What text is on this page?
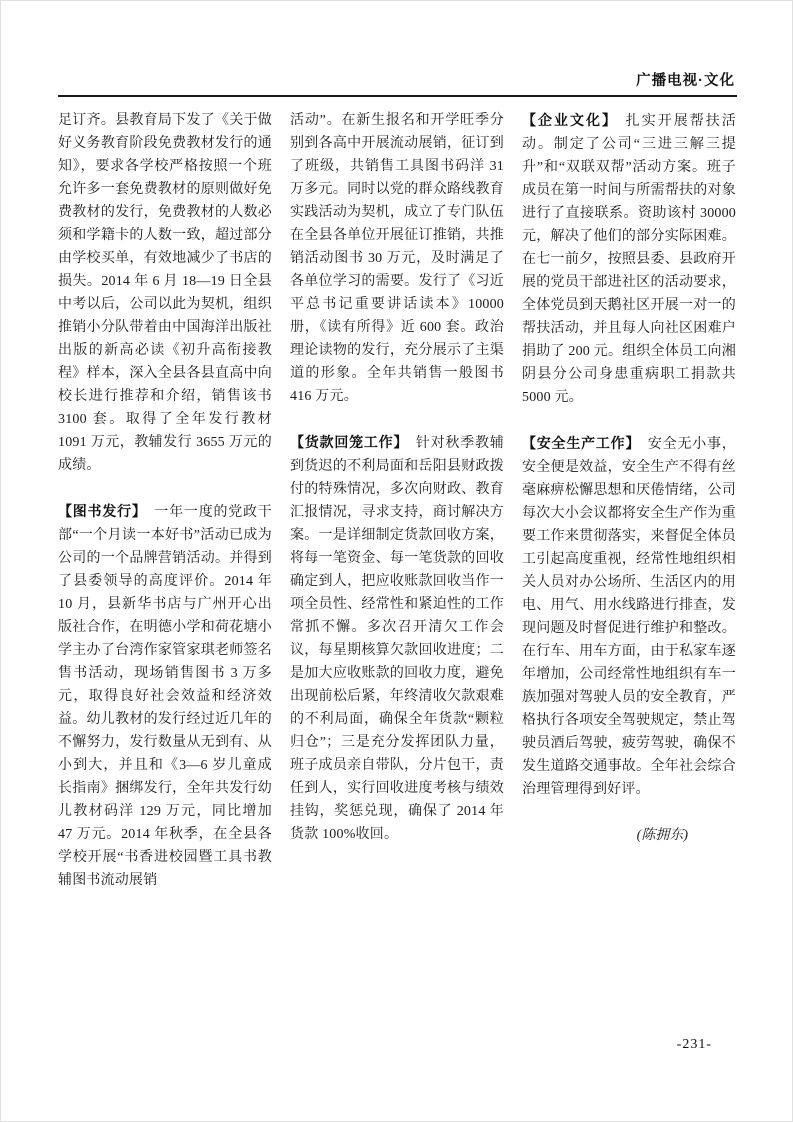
广播电视·文化

足订齐。县教育局下发了《关于做好义务教育阶段免费教材发行的通知》，要求各学校严格按照一个班允许多一套免费教材的原则做好免费教材的发行，免费教材的人数必须和学籍卡的人数一致，超过部分由学校买单，有效地减少了书店的损失。2014 年 6 月 18—19 日全县中考以后，公司以此为契机，组织推销小分队带着由中国海洋出版社出版的新高必读《初升高衔接教程》样本，深入全县各县直高中向校长进行推荐和介绍，销售该书 3100 套。取得了全年发行教材 1091 万元，教辅发行 3655 万元的成绩。

【图书发行】 一年一度的党政干部“一个月读一本好书”活动已成为公司的一个品牌营销活动。并得到了县委领导的高度评价。2014 年 10 月，县新华书店与广州开心出版社合作，在明德小学和荷花塘小学主办了台湾作家管家琪老师签名售书活动，现场销售图书 3 万多元，取得良好社会效益和经济效益。幼儿教材的发行经过近几年的不懈努力，发行数量从无到有、从小到大，并且和《3—6 岁儿童成长指南》捆绑发行，全年共发行幼儿教材码洋 129 万元，同比增加 47 万元。2014 年秋季，在全县各学校开展“书香进校园暨工具书教辅图书流动展销

活动”。在新生报名和开学旺季分别到各高中开展流动展销，征订到了班级，共销售工具图书码洋 31 万多元。同时以党的群众路线教育实践活动为契机，成立了专门队伍在全县各单位开展征订推销，共推销活动图书 30 万元，及时满足了各单位学习的需要。发行了《习近平总书记重要讲话读本》10000 册，《读有所得》近 600 套。政治理论读物的发行，充分展示了主渠道的形象。全年共销售一般图书 416 万元。

【货款回笼工作】 针对秋季教辅到货迟的不利局面和岳阳县财政拨付的特殊情况，多次向财政、教育汇报情况，寻求支持，商讨解决方案。一是详细制定货款回收方案，将每一笔资金、每一笔货款的回收确定到人，把应收账款回收当作一项全员性、经常性和紧迫性的工作常抓不懈。多次召开清欠工作会议，每星期核算欠款回收进度；二是加大应收账款的回收力度，避免出现前松后紧，年终清收欠款艰难的不利局面，确保全年货款“颗粒归仓”；三是充分发挥团队力量，班子成员亲自带队，分片包干，责任到人，实行回收进度考核与绩效挂钩，奖惩兑现，确保了 2014 年货款 100%收回。

【企业文化】 扎实开展帮扶活动。制定了公司“三进三解三提升”和“双联双帮”活动方案。班子成员在第一时间与所需帮扶的对象进行了直接联系。资助该村 30000 元，解决了他们的部分实际困难。在七一前夕，按照县委、县政府开展的党员干部进社区的活动要求，全体党员到天鹅社区开展一对一的帮扶活动，并且每人向社区困难户捐助了 200 元。组织全体员工向湘阴县分公司身患重病职工捐款共 5000 元。

【安全生产工作】 安全无小事，安全便是效益，安全生产不得有丝毫麻痹松懈思想和厌倦情绪，公司每次大小会议都将安全生产作为重要工作来贯彻落实，来督促全体员工引起高度重视，经常性地组织相关人员对办公场所、生活区内的用电、用气、用水线路进行排查，发现问题及时督促进行维护和整改。在行车、用车方面，由于私家车逐年增加，公司经常性地组织有车一族加强对驾驶人员的安全教育，严格执行各项安全驾驶规定，禁止驾驶员酒后驾驶，疲劳驾驶，确保不发生道路交通事故。全年社会综合治理管理得到好评。

(陈拥东)
-231-
